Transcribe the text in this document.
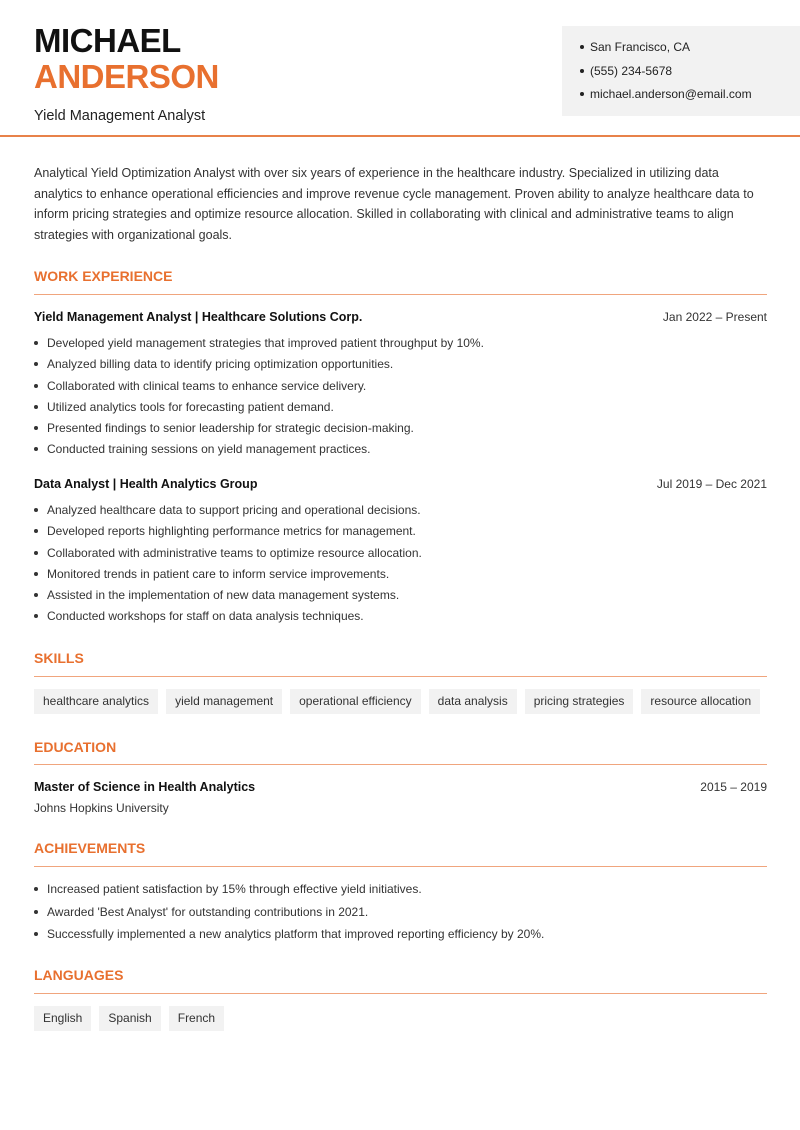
MICHAEL
ANDERSON
Yield Management Analyst
San Francisco, CA
(555) 234-5678
michael.anderson@email.com

Analytical Yield Optimization Analyst with over six years of experience in the healthcare industry. Specialized in utilizing data analytics to enhance operational efficiencies and improve revenue cycle management. Proven ability to analyze healthcare data to inform pricing strategies and optimize resource allocation. Skilled in collaborating with clinical and administrative teams to align strategies with organizational goals.

WORK EXPERIENCE
Yield Management Analyst | Healthcare Solutions Corp.	Jan 2022 – Present
Developed yield management strategies that improved patient throughput by 10%.
Analyzed billing data to identify pricing optimization opportunities.
Collaborated with clinical teams to enhance service delivery.
Utilized analytics tools for forecasting patient demand.
Presented findings to senior leadership for strategic decision-making.
Conducted training sessions on yield management practices.
Data Analyst | Health Analytics Group	Jul 2019 – Dec 2021
Analyzed healthcare data to support pricing and operational decisions.
Developed reports highlighting performance metrics for management.
Collaborated with administrative teams to optimize resource allocation.
Monitored trends in patient care to inform service improvements.
Assisted in the implementation of new data management systems.
Conducted workshops for staff on data analysis techniques.
SKILLS
healthcare analytics	yield management	operational efficiency	data analysis	pricing strategies	resource allocation
EDUCATION
Master of Science in Health Analytics	2015 – 2019
Johns Hopkins University
ACHIEVEMENTS
Increased patient satisfaction by 15% through effective yield initiatives.
Awarded 'Best Analyst' for outstanding contributions in 2021.
Successfully implemented a new analytics platform that improved reporting efficiency by 20%.
LANGUAGES
English	Spanish	French
